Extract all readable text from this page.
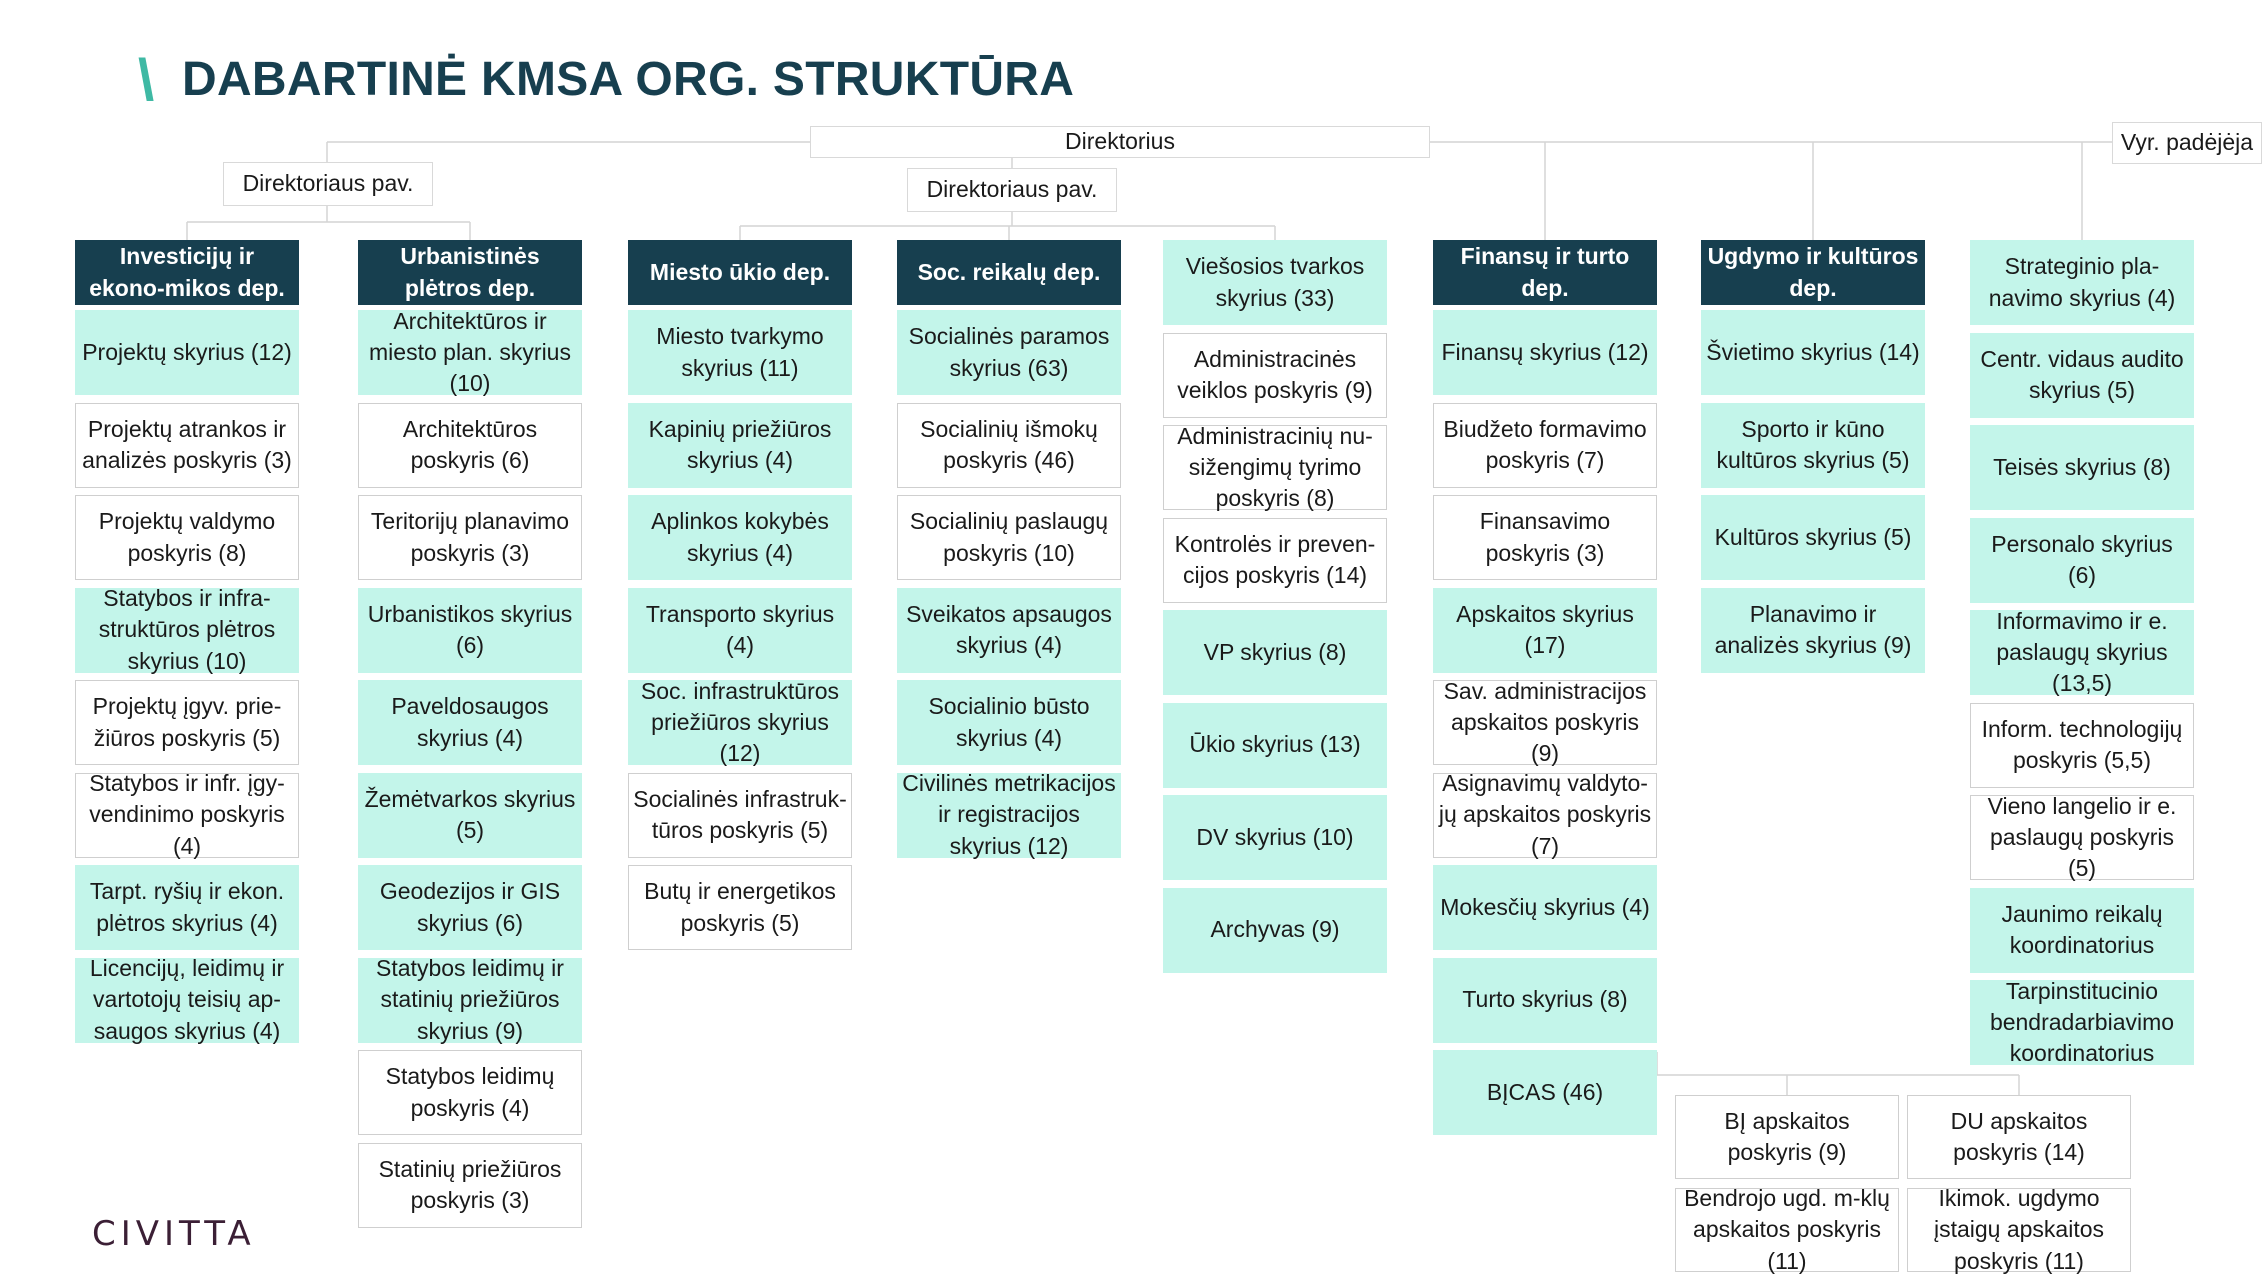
\ DABARTINĖ KMSA ORG. STRUKTŪRA
Direktorius
Direktoriaus pav.	Direktoriaus pav.
Vyr. padėjėja
Investicijų ir ekono-mikos dep.
Projektų skyrius (12)
Projektų atrankos ir analizės poskyris (3)
Projektų valdymo poskyris (8)
Statybos ir infra-struktūros plėtros skyrius (10)
Projektų įgyv. prie-žiūros poskyris (5)
Statybos ir infr. įgy-vendinimo poskyris (4)
Tarpt. ryšių ir ekon. plėtros skyrius (4)
Licencijų, leidimų ir vartotojų teisių ap-saugos skyrius (4)
Urbanistinės plėtros dep.
Architektūros ir miesto plan. skyrius (10)
Architektūros poskyris (6)
Teritorijų planavimo poskyris (3)
Urbanistikos skyrius (6)
Paveldosaugos skyrius (4)
Žemėtvarkos skyrius (5)
Geodezijos ir GIS skyrius (6)
Statybos leidimų ir statinių priežiūros skyrius (9)
Statybos leidimų poskyris (4)
Statinių priežiūros poskyris (3)
Miesto ūkio dep.
Miesto tvarkymo skyrius (11)
Kapinių priežiūros skyrius (4)
Aplinkos kokybės skyrius (4)
Transporto skyrius (4)
Soc. infrastruktūros priežiūros skyrius (12)
Socialinės infrastruk-tūros poskyris (5)
Butų ir energetikos poskyris (5)
Soc. reikalų dep.
Socialinės paramos skyrius (63)
Socialinių išmokų poskyris (46)
Socialinių paslaugų poskyris (10)
Sveikatos apsaugos skyrius (4)
Socialinio būsto skyrius (4)
Civilinės metrikacijos ir registracijos skyrius (12)
Viešosios tvarkos skyrius (33)
Administracinės veiklos poskyris (9)
Administracinių nu-sižengimų tyrimo poskyris (8)
Kontrolės ir preven-cijos poskyris (14)
VP skyrius (8)
Ūkio skyrius (13)
DV skyrius (10)
Archyvas (9)
Finansų ir turto dep.
Finansų skyrius (12)
Biudžeto formavimo poskyris (7)
Finansavimo poskyris (3)
Apskaitos skyrius (17)
Sav. administracijos apskaitos poskyris (9)
Asignavimų valdyto-jų apskaitos poskyris (7)
Mokesčių skyrius (4)
Turto skyrius (8)
BĮCAS (46)
Ugdymo ir kultūros dep.
Švietimo skyrius (14)
Sporto ir kūno kultūros skyrius (5)
Kultūros skyrius (5)
Planavimo ir analizės skyrius (9)
Strateginio pla-navimo skyrius (4)
Centr. vidaus audito skyrius (5)
Teisės skyrius (8)
Personalo skyrius (6)
Informavimo ir e. paslaugų skyrius (13,5)
Inform. technologijų poskyris (5,5)
Vieno langelio ir e. paslaugų poskyris (5)
Jaunimo reikalų koordinatorius
Tarpinstitucinio bendradarbiavimo koordinatorius
BĮ apskaitos poskyris (9)
DU apskaitos poskyris (14)
Bendrojo ugd. m-klų apskaitos poskyris (11)
Ikimok. ugdymo įstaigų apskaitos poskyris (11)
CIVITTA
